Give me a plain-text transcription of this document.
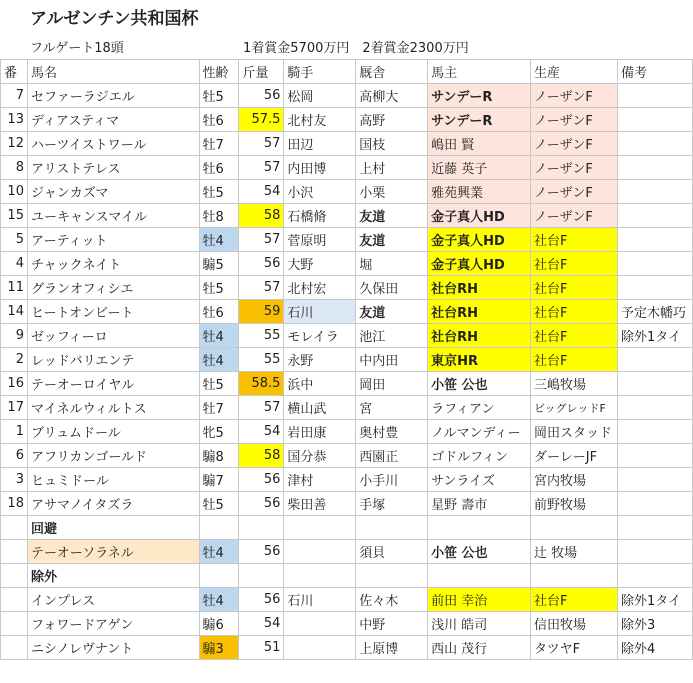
アルゼンチン共和国杯
フルゲート18頭	1着賞金5700万円　2着賞金2300万円
番	馬名	性齢	斤量	騎手	厩舎	馬主	生産	備考
7	セファーラジエル	牡5	56	松岡	高柳大	サンデーR	ノーザンF	
13	ディアスティマ	牡6	57.5	北村友	高野	サンデーR	ノーザンF	
12	ハーツイストワール	牡7	57	田辺	国枝	嶋田 賢	ノーザンF	
8	アリストテレス	牡6	57	内田博	上村	近藤 英子	ノーザンF	
10	ジャンカズマ	牡5	54	小沢	小栗	雅苑興業	ノーザンF	
15	ユーキャンスマイル	牡8	58	石橋脩	友道	金子真人HD	ノーザンF	
5	アーティット	牡4	57	菅原明	友道	金子真人HD	社台F	
4	チャックネイト	騸5	56	大野	堀	金子真人HD	社台F	
11	グランオフィシエ	牡5	57	北村宏	久保田	社台RH	社台F	
14	ヒートオンビート	牡6	59	石川	友道	社台RH	社台F	予定木幡巧
9	ゼッフィーロ	牡4	55	モレイラ	池江	社台RH	社台F	除外1タイ
2	レッドバリエンテ	牡4	55	永野	中内田	東京HR	社台F	
16	テーオーロイヤル	牡5	58.5	浜中	岡田	小笹 公也	三嶋牧場	
17	マイネルウィルトス	牡7	57	横山武	宮	ラフィアン	ビッグレッドF	
1	ブリュムドール	牝5	54	岩田康	奥村豊	ノルマンディー	岡田スタッド	
6	アフリカンゴールド	騸8	58	国分恭	西園正	ゴドルフィン	ダーレーJF	
3	ヒュミドール	騸7	56	津村	小手川	サンライズ	宮内牧場	
18	アサマノイタズラ	牡5	56	柴田善	手塚	星野 壽市	前野牧場	
	回避							
	テーオーソラネル	牡4	56		須貝	小笹 公也	辻 牧場	
	除外							
	インプレス	牡4	56	石川	佐々木	前田 幸治	社台F	除外1タイ
	フォワードアゲン	騸6	54		中野	浅川 皓司	信田牧場	除外3
	ニシノレヴナント	騸3	51		上原博	西山 茂行	タツヤF	除外4
